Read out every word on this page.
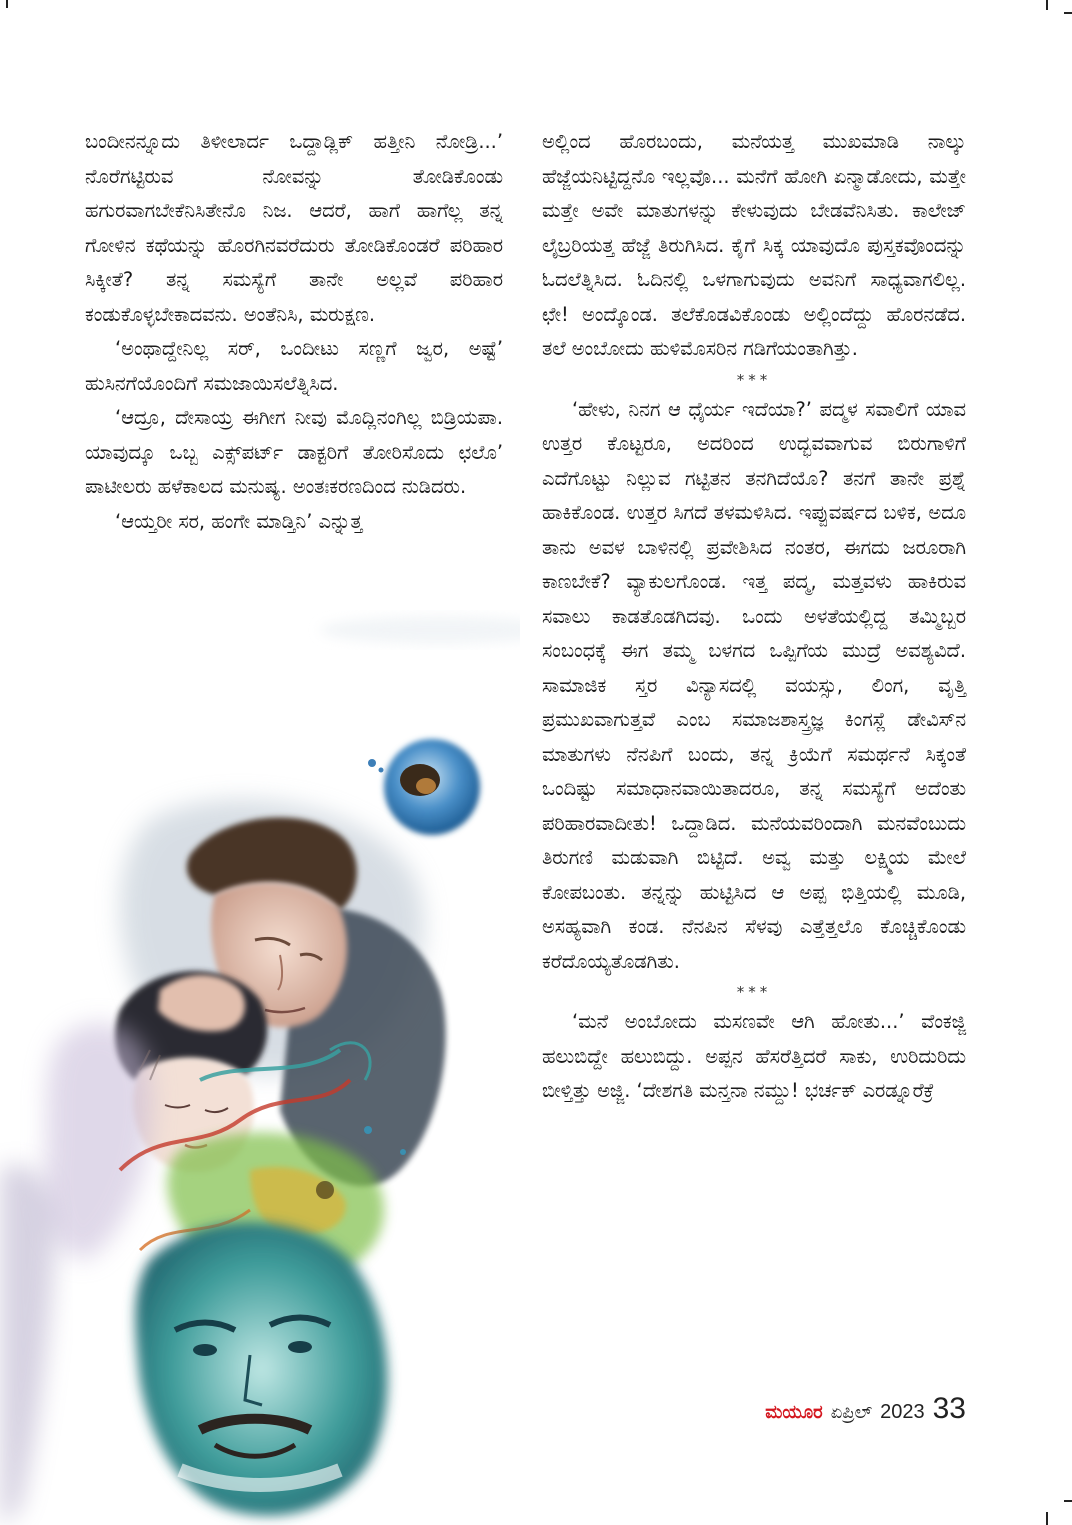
ಬಂದೀನನ್ನೂದು ತಿಳೀಲಾರ್ದ ಒದ್ದಾಡ್ಲಿಕ್ ಹತ್ತೀನಿ ನೋಡ್ರಿ...’ ನೊರೆಗಟ್ಟಿರುವ ನೋವನ್ನು ತೋಡಿಕೊಂಡು ಹಗುರವಾಗಬೇಕೆನಿಸಿತೇನೊ ನಿಜ. ಆದರೆ, ಹಾಗೆ ಹಾಗೆಲ್ಲ ತನ್ನ ಗೋಳಿನ ಕಥೆಯನ್ನು ಹೊರಗಿನವರೆದುರು ತೋಡಿಕೊಂಡರೆ ಪರಿಹಾರ ಸಿಕ್ಕೀತೆ? ತನ್ನ ಸಮಸ್ಯೆಗೆ ತಾನೇ ಅಲ್ಲವೆ ಪರಿಹಾರ ಕಂಡುಕೊಳ್ಳಬೇಕಾದವನು. ಅಂತೆನಿಸಿ, ಮರುಕ್ಷಣ.

‘ಅಂಥಾದ್ದೇನಿಲ್ಲ ಸರ್, ಒಂದೀಟು ಸಣ್ಣಗೆ ಜ್ವರ, ಅಷ್ಟೆ’ ಹುಸಿನಗೆಯೊಂದಿಗೆ ಸಮಜಾಯಿಸಲೆತ್ನಿಸಿದ.

‘ಆದ್ರೂ, ದೇಸಾಯ್ರ ಈಗೀಗ ನೀವು ಮೊದ್ಲಿನಂಗಿಲ್ಲ ಬಿಡ್ರಿಯಪಾ. ಯಾವುದ್ಕೂ ಒಬ್ಬ ಎಕ್ಸ್‌ಪರ್ಟ್ ಡಾಕ್ಟರಿಗೆ ತೋರಿಸೊದು ಛಲೊ’ ಪಾಟೀಲರು ಹಳೆಕಾಲದ ಮನುಷ್ಯ. ಅಂತಃಕರಣದಿಂದ ನುಡಿದರು.

‘ಆಯ್ತರೀ ಸರ, ಹಂಗೇ ಮಾಡ್ತಿನಿ’ ಎನ್ನುತ್ತ

ಅಲ್ಲಿಂದ ಹೊರಬಂದು, ಮನೆಯತ್ತ ಮುಖಮಾಡಿ ನಾಲ್ಕು ಹೆಜ್ಜೆಯನಿಟ್ಟಿದ್ದನೊ ಇಲ್ಲವೊ... ಮನೆಗೆ ಹೋಗಿ ಏನ್ಮಾಡೋದು, ಮತ್ತೇ ಮತ್ತೇ ಅವೇ ಮಾತುಗಳನ್ನು ಕೇಳುವುದು ಬೇಡವೆನಿಸಿತು. ಕಾಲೇಜ್ ಲೈಬ್ರರಿಯತ್ತ ಹೆಜ್ಜೆ ತಿರುಗಿಸಿದ. ಕೈಗೆ ಸಿಕ್ಕ ಯಾವುದೊ ಪುಸ್ತಕವೊಂದನ್ನು ಓದಲೆತ್ನಿಸಿದ. ಓದಿನಲ್ಲಿ ಒಳಗಾಗುವುದು ಅವನಿಗೆ ಸಾಧ್ಯವಾಗಲಿಲ್ಲ. ಛೇ! ಅಂದ್ಕೊಂಡ. ತಲೆಕೊಡವಿಕೊಂಡು ಅಲ್ಲಿಂದೆದ್ದು ಹೊರನಡೆದ. ತಲೆ ಅಂಬೋದು ಹುಳಿಮೊಸರಿನ ಗಡಿಗೆಯಂತಾಗಿತ್ತು.

***

‘ಹೇಳು, ನಿನಗ ಆ ಧೈರ್ಯ ಇದೆಯಾ?’ ಪದ್ಮಳ ಸವಾಲಿಗೆ ಯಾವ ಉತ್ತರ ಕೊಟ್ಟರೂ, ಅದರಿಂದ ಉದ್ಭವವಾಗುವ ಬಿರುಗಾಳಿಗೆ ಎದೆಗೊಟ್ಟು ನಿಲ್ಲುವ ಗಟ್ಟಿತನ ತನಗಿದೆಯೊ? ತನಗೆ ತಾನೇ ಪ್ರಶ್ನೆ ಹಾಕಿಕೊಂಡ. ಉತ್ತರ ಸಿಗದೆ ತಳಮಳಿಸಿದ. ಇಪ್ಪುವರ್ಷದ ಬಳಿಕ, ಅದೂ ತಾನು ಅವಳ ಬಾಳಿನಲ್ಲಿ ಪ್ರವೇಶಿಸಿದ ನಂತರ, ಈಗದು ಜರೂರಾಗಿ ಕಾಣಬೇಕೆ? ವ್ಯಾಕುಲಗೊಂಡ. ಇತ್ತ ಪದ್ಮ, ಮತ್ತವಳು ಹಾಕಿರುವ ಸವಾಲು ಕಾಡತೊಡಗಿದವು. ಒಂದು ಅಳತೆಯಲ್ಲಿದ್ದ ತಮ್ಮಿಬ್ಬರ ಸಂಬಂಧಕ್ಕೆ ಈಗ ತಮ್ಮ ಬಳಗದ ಒಪ್ಪಿಗೆಯ ಮುದ್ರೆ ಅವಶ್ಯವಿದೆ. ಸಾಮಾಜಿಕ ಸ್ತರ ವಿನ್ಯಾಸದಲ್ಲಿ ವಯಸ್ಸು, ಲಿಂಗ, ವೃತ್ತಿ ಪ್ರಮುಖವಾಗುತ್ತವೆ ಎಂಬ ಸಮಾಜಶಾಸ್ತ್ರಜ್ಞ ಕಿಂಗಸ್ಲೆ ಡೇವಿಸ್‌ನ ಮಾತುಗಳು ನೆನಪಿಗೆ ಬಂದು, ತನ್ನ ಕ್ರಿಯೆಗೆ ಸಮರ್ಥನೆ ಸಿಕ್ಕಂತೆ ಒಂದಿಷ್ಟು ಸಮಾಧಾನವಾಯಿತಾದರೂ, ತನ್ನ ಸಮಸ್ಯೆಗೆ ಅದೆಂತು ಪರಿಹಾರವಾದೀತು! ಒದ್ದಾಡಿದ. ಮನೆಯವರಿಂದಾಗಿ ಮನವೆಂಬುದು ತಿರುಗಣಿ ಮಡುವಾಗಿ ಬಿಟ್ಟಿದೆ. ಅವ್ವ ಮತ್ತು ಲಕ್ಷ್ಮಿಯ ಮೇಲೆ ಕೋಪಬಂತು. ತನ್ನನ್ನು ಹುಟ್ಟಿಸಿದ ಆ ಅಪ್ಪ ಭಿತ್ತಿಯಲ್ಲಿ ಮೂಡಿ, ಅಸಹ್ಯವಾಗಿ ಕಂಡ. ನೆನಪಿನ ಸೆಳವು ಎತ್ತೆತ್ತಲೊ ಕೊಚ್ಚಿಕೊಂಡು ಕರೆದೊಯ್ಯತೊಡಗಿತು.

***

‘ಮನೆ ಅಂಬೋದು ಮಸಣವೇ ಆಗಿ ಹೋತು...’ ವೆಂಕಜ್ಜಿ ಹಲುಬಿದ್ದೇ ಹಲುಬಿದ್ದು. ಅಪ್ಪನ ಹೆಸರೆತ್ತಿದರೆ ಸಾಕು, ಉರಿದುರಿದು ಬೀಳ್ತಿತ್ತು ಅಜ್ಜಿ. ‘ದೇಶಗತಿ ಮನ್ತನಾ ನಮ್ದು! ಭರ್ಚಕ್ ಎರಡ್ನೂರೆಕ್ರೆ

ಮಯೂರ ಏಪ್ರಿಲ್ 2023 33
